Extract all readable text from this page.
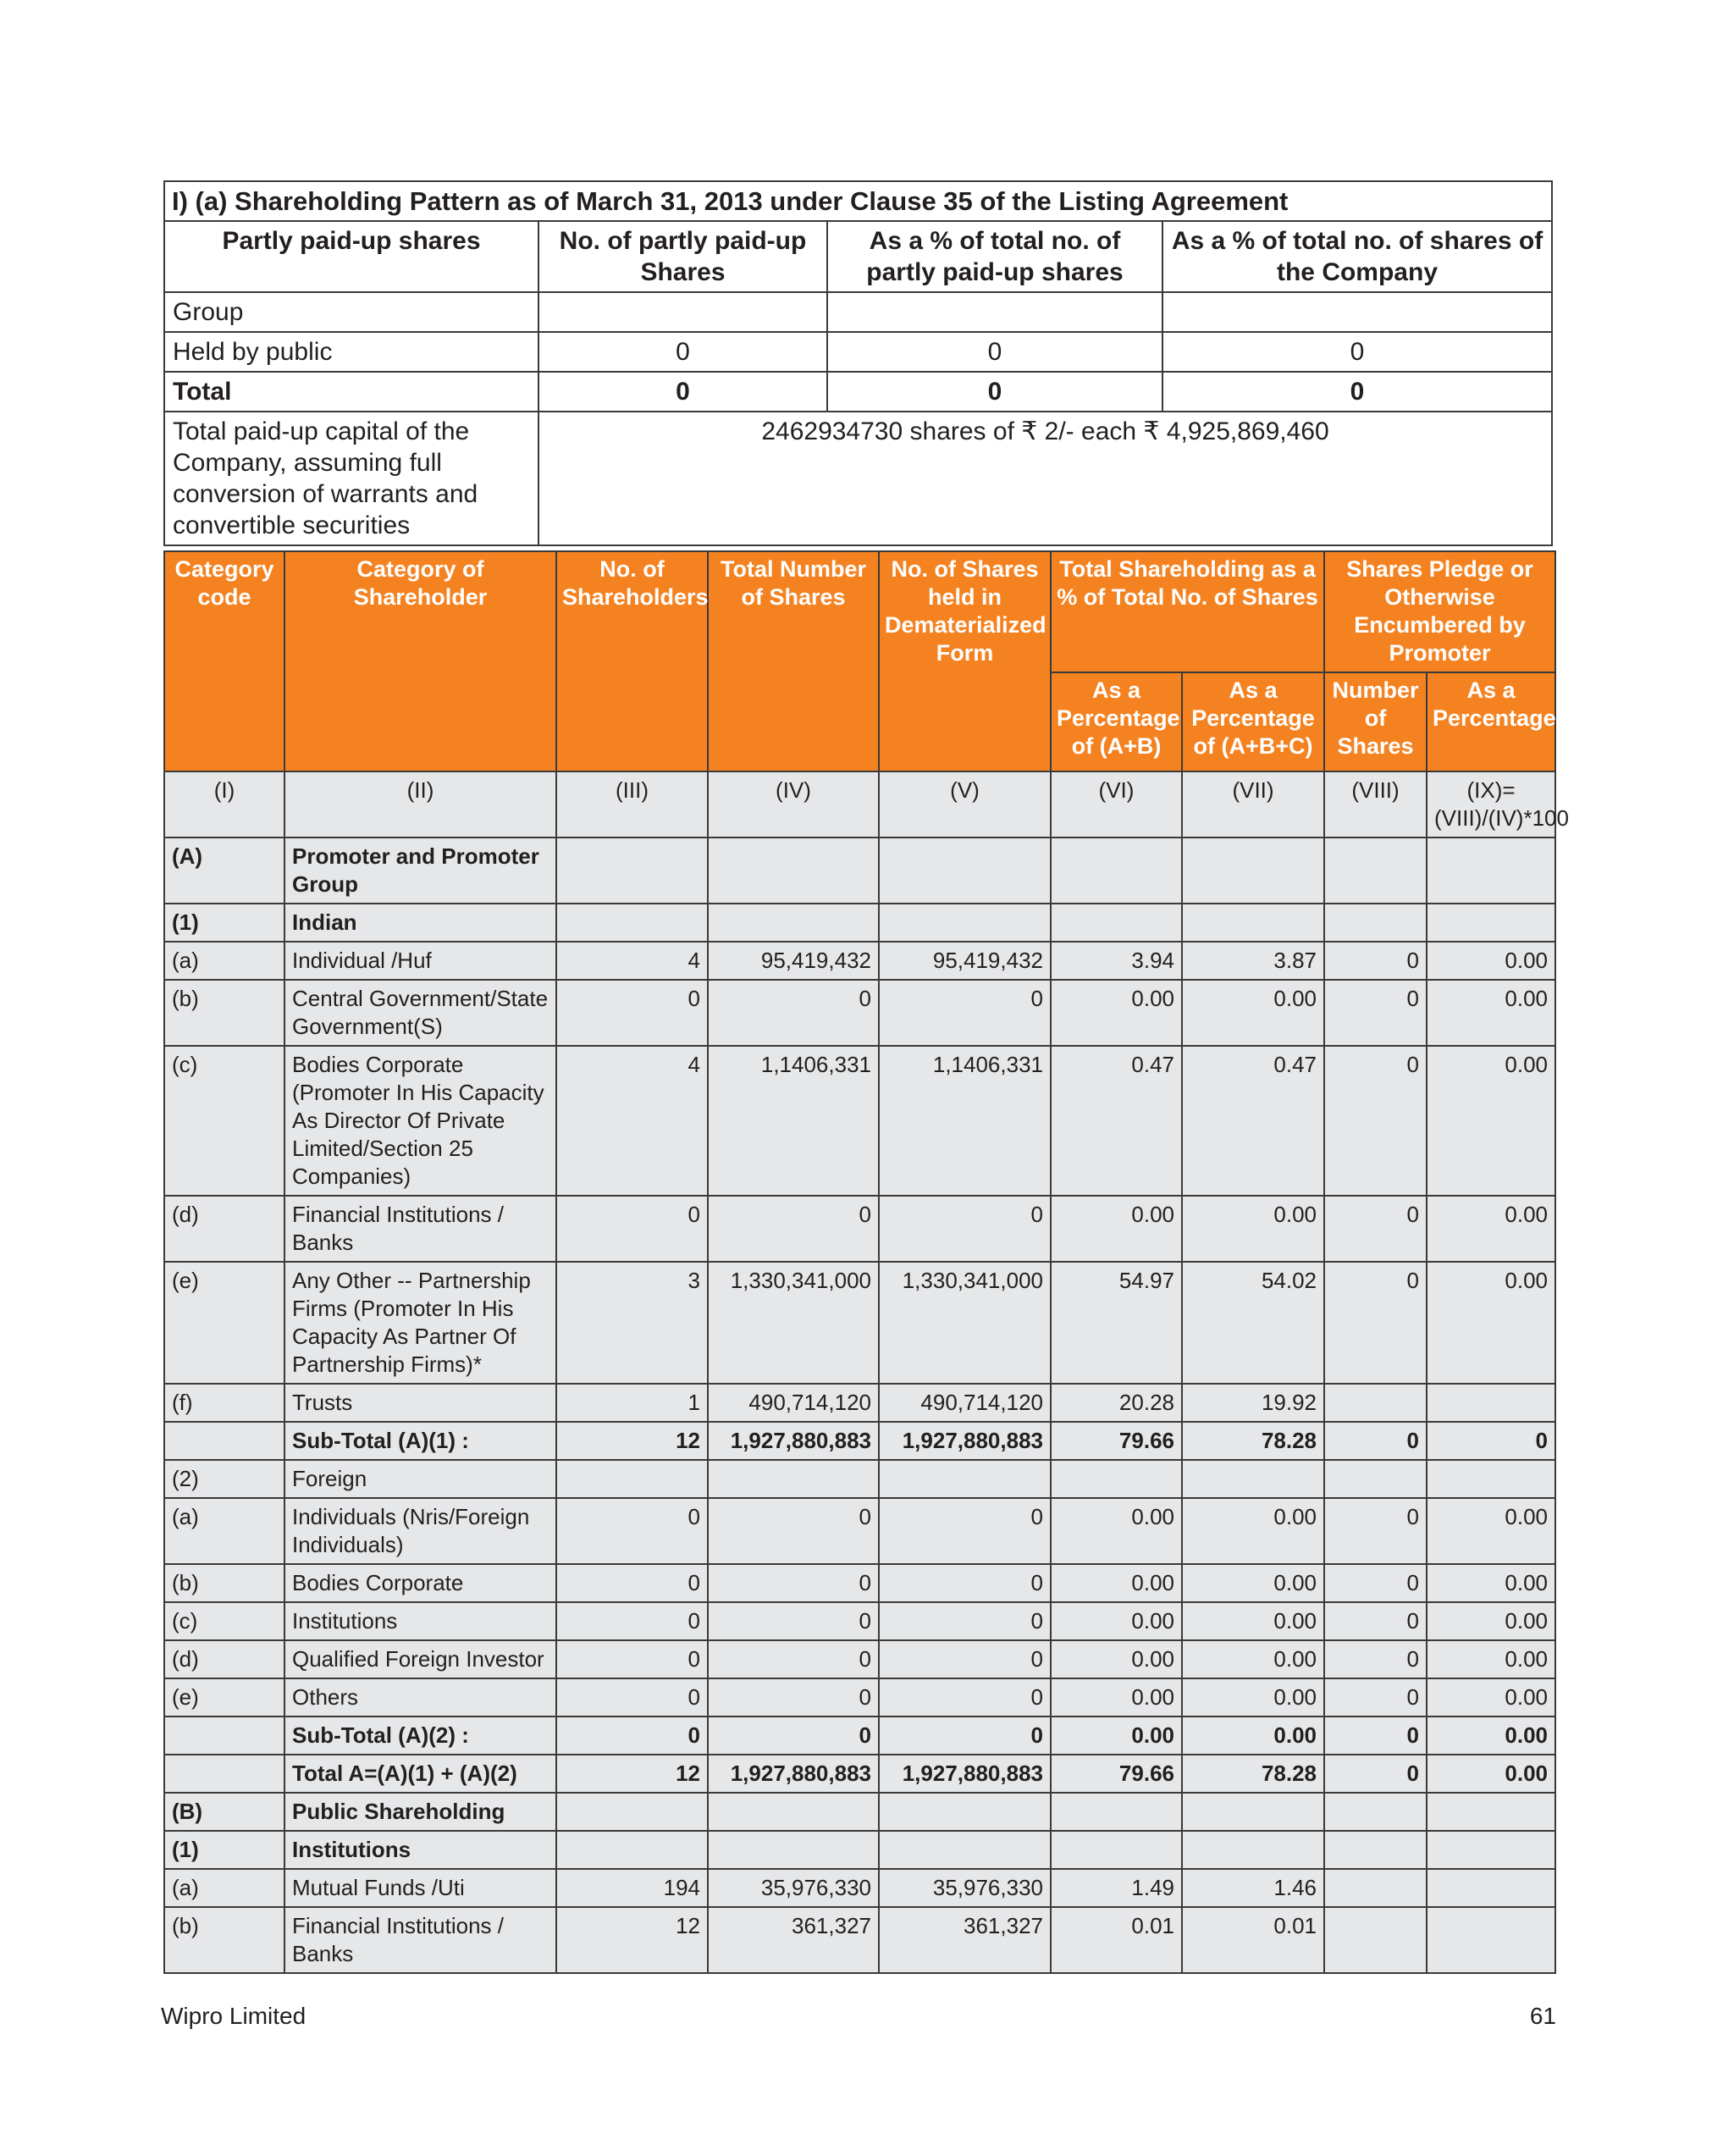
I) (a) Shareholding Pattern as of March 31, 2013 under Clause 35 of the Listing Agreement			
Partly paid-up shares	No. of partly paid-up Shares	As a % of total no. of partly paid-up shares	As a % of total no. of shares of the Company
Group			
Held by public	0	0	0
Total	0	0	0
Total paid-up capital of the Company, assuming full conversion of warrants and convertible securities	2462934730 shares of ₹ 2/- each ₹ 4,925,869,460		
Category code	Category of Shareholder	No. of Shareholders	Total Number of Shares	No. of Shares held in Dematerialized Form	Total Shareholding as a % of Total No. of Shares		Shares Pledge or Otherwise Encumbered by Promoter	
					As a Percentage of (A+B)	As a Percentage of (A+B+C)	Number of Shares	As a Percentage
(I)	(II)	(III)	(IV)	(V)	(VI)	(VII)	(VIII)	(IX)=(VIII)/(IV)*100
(A)	Promoter and Promoter Group							
(1)	Indian							
(a)	Individual /Huf	4	95,419,432	95,419,432	3.94	3.87	0	0.00
(b)	Central Government/State Government(S)	0	0	0	0.00	0.00	0	0.00
(c)	Bodies Corporate (Promoter In His Capacity As Director Of Private Limited/Section 25 Companies)	4	1,1406,331	1,1406,331	0.47	0.47	0	0.00
(d)	Financial Institutions / Banks	0	0	0	0.00	0.00	0	0.00
(e)	Any Other -- Partnership Firms (Promoter In His Capacity As Partner Of Partnership Firms)*	3	1,330,341,000	1,330,341,000	54.97	54.02	0	0.00
(f)	Trusts	1	490,714,120	490,714,120	20.28	19.92		
	Sub-Total (A)(1) :	12	1,927,880,883	1,927,880,883	79.66	78.28	0	0
(2)	Foreign							
(a)	Individuals (Nris/Foreign Individuals)	0	0	0	0.00	0.00	0	0.00
(b)	Bodies Corporate	0	0	0	0.00	0.00	0	0.00
(c)	Institutions	0	0	0	0.00	0.00	0	0.00
(d)	Qualified Foreign Investor	0	0	0	0.00	0.00	0	0.00
(e)	Others	0	0	0	0.00	0.00	0	0.00
	Sub-Total (A)(2) :	0	0	0	0.00	0.00	0	0.00
	Total A=(A)(1) + (A)(2)	12	1,927,880,883	1,927,880,883	79.66	78.28	0	0.00
(B)	Public Shareholding							
(1)	Institutions							
(a)	Mutual Funds /Uti	194	35,976,330	35,976,330	1.49	1.46		
(b)	Financial Institutions / Banks	12	361,327	361,327	0.01	0.01		
Wipro Limited	61
